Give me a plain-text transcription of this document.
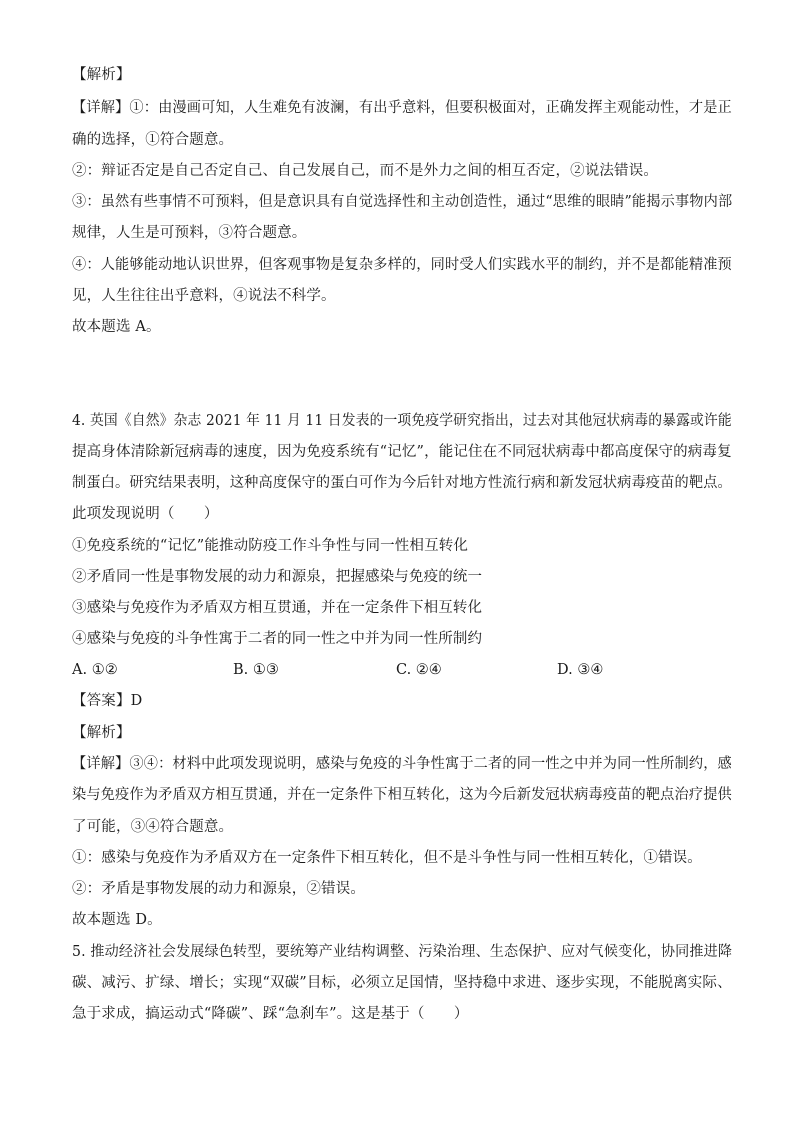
【解析】
【详解】①：由漫画可知，人生难免有波澜，有出乎意料，但要积极面对，正确发挥主观能动性，才是正
确的选择，①符合题意。
②：辩证否定是自己否定自己、自己发展自己，而不是外力之间的相互否定，②说法错误。
③：虽然有些事情不可预料，但是意识具有自觉选择性和主动创造性，通过“思维的眼睛”能揭示事物内部
规律，人生是可预料，③符合题意。
④：人能够能动地认识世界，但客观事物是复杂多样的，同时受人们实践水平的制约，并不是都能精准预
见，人生往往出乎意料，④说法不科学。
故本题选 A。
4. 英国《自然》杂志 2021 年 11 月 11 日发表的一项免疫学研究指出，过去对其他冠状病毒的暴露或许能
提高身体清除新冠病毒的速度，因为免疫系统有“记忆”，能记住在不同冠状病毒中都高度保守的病毒复
制蛋白。研究结果表明，这种高度保守的蛋白可作为今后针对地方性流行病和新发冠状病毒疫苗的靶点。
此项发现说明（　　）
①免疫系统的“记忆”能推动防疫工作斗争性与同一性相互转化
②矛盾同一性是事物发展的动力和源泉，把握感染与免疫的统一
③感染与免疫作为矛盾双方相互贯通，并在一定条件下相互转化
④感染与免疫的斗争性寓于二者的同一性之中并为同一性所制约
A. ①②	B. ①③	C. ②④	D. ③④
【答案】D
【解析】
【详解】③④：材料中此项发现说明，感染与免疫的斗争性寓于二者的同一性之中并为同一性所制约，感
染与免疫作为矛盾双方相互贯通，并在一定条件下相互转化，这为今后新发冠状病毒疫苗的靶点治疗提供
了可能，③④符合题意。
①：感染与免疫作为矛盾双方在一定条件下相互转化，但不是斗争性与同一性相互转化，①错误。
②：矛盾是事物发展的动力和源泉，②错误。
故本题选 D。
5. 推动经济社会发展绿色转型，要统筹产业结构调整、污染治理、生态保护、应对气候变化，协同推进降
碳、减污、扩绿、增长；实现“双碳”目标，必须立足国情，坚持稳中求进、逐步实现，不能脱离实际、
急于求成，搞运动式“降碳”、踩“急刹车”。这是基于（　　）
